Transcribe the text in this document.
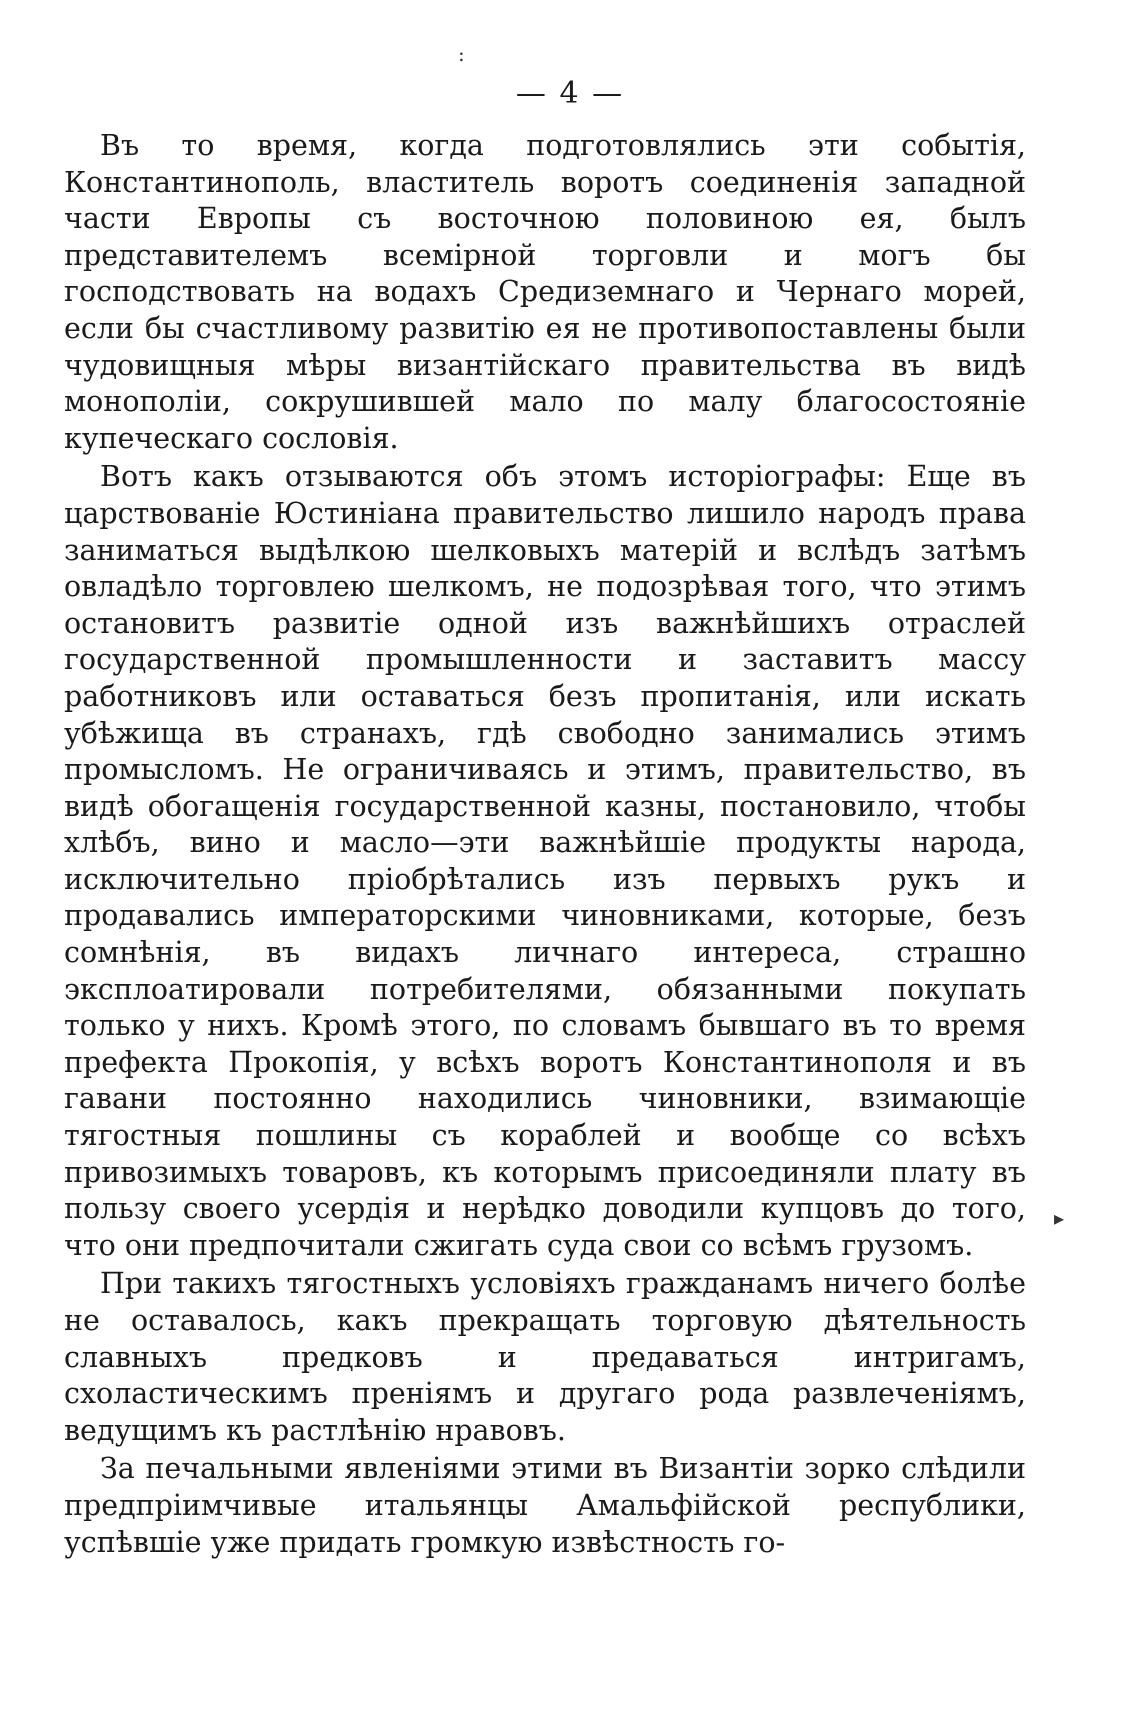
:
— 4 —

Въ то время, когда подготовлялись эти событія, Константинополь, властитель воротъ соединенія западной части Европы съ восточною половиною ея, былъ представителемъ всемірной торговли и могъ бы господствовать на водахъ Средиземнаго и Чернаго морей, если бы счастливому развитію ея не противопоставлены были чудовищныя мѣры византійскаго правительства въ видѣ монополіи, сокрушившей мало по малу благосостояніе купеческаго сословія.

Вотъ какъ отзываются объ этомъ исторіографы: Еще въ царствованіе Юстиніана правительство лишило народъ права заниматься выдѣлкою шелковыхъ матерій и вслѣдъ затѣмъ овладѣло торговлею шелкомъ, не подозрѣвая того, что этимъ остановитъ развитіе одной изъ важнѣйшихъ отраслей государственной промышленности и заставитъ массу работниковъ или оставаться безъ пропитанія, или искать убѣжища въ странахъ, гдѣ свободно занимались этимъ промысломъ. Не ограничиваясь и этимъ, правительство, въ видѣ обогащенія государственной казны, постановило, чтобы хлѣбъ, вино и масло—эти важнѣйшіе продукты народа, исключительно пріобрѣтались изъ первыхъ рукъ и продавались императорскими чиновниками, которые, безъ сомнѣнія, въ видахъ личнаго интереса, страшно эксплоатировали потребителями, обязанными покупать только у нихъ. Кромѣ этого, по словамъ бывшаго въ то время префекта Прокопія, у всѣхъ воротъ Константинополя и въ гавани постоянно находились чиновники, взимающіе тягостныя пошлины съ кораблей и вообще со всѣхъ привозимыхъ товаровъ, къ которымъ присоединяли плату въ пользу своего усердія и нерѣдко доводили купцовъ до того, что они предпочитали сжигать суда свои со всѣмъ грузомъ.

При такихъ тягостныхъ условіяхъ гражданамъ ничего болѣе не оставалось, какъ прекращать торговую дѣятельность славныхъ предковъ и предаваться интригамъ, схоластическимъ преніямъ и другаго рода развлеченіямъ, ведущимъ къ растлѣнію нравовъ.

За печальными явленіями этими въ Византіи зорко слѣдили предпріимчивые итальянцы Амальфійской республики, успѣвшіе уже придать громкую извѣстность го-

▸
